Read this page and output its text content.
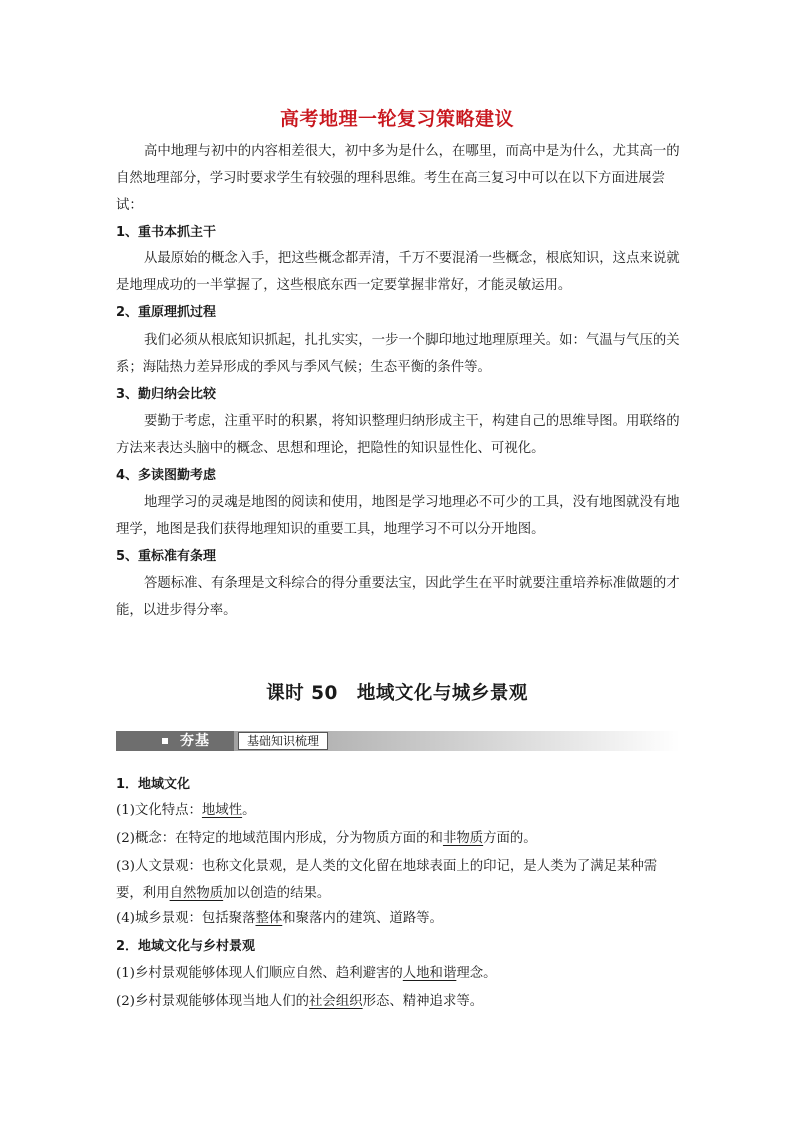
高考地理一轮复习策略建议

高中地理与初中的内容相差很大，初中多为是什么，在哪里，而高中是为什么，尤其高一的自然地理部分，学习时要求学生有较强的理科思维。考生在高三复习中可以在以下方面进展尝试：

1、重书本抓主干

从最原始的概念入手，把这些概念都弄清，千万不要混淆一些概念，根底知识，这点来说就是地理成功的一半掌握了，这些根底东西一定要掌握非常好，才能灵敏运用。

2、重原理抓过程

我们必须从根底知识抓起，扎扎实实，一步一个脚印地过地理原理关。如：气温与气压的关系；海陆热力差异形成的季风与季风气候；生态平衡的条件等。

3、勤归纳会比较

要勤于考虑，注重平时的积累，将知识整理归纳形成主干，构建自己的思维导图。用联络的方法来表达头脑中的概念、思想和理论，把隐性的知识显性化、可视化。

4、多读图勤考虑

地理学习的灵魂是地图的阅读和使用，地图是学习地理必不可少的工具，没有地图就没有地理学，地图是我们获得地理知识的重要工具，地理学习不可以分开地图。

5、重标准有条理

答题标准、有条理是文科综合的得分重要法宝，因此学生在平时就要注重培养标准做题的才能，以进步得分率。

课时 50　地域文化与城乡景观
夯基	基础知识梳理
1．地域文化

(1)文化特点：地域性。

(2)概念：在特定的地域范围内形成，分为物质方面的和非物质方面的。

(3)人文景观：也称文化景观，是人类的文化留在地球表面上的印记，是人类为了满足某种需要，利用自然物质加以创造的结果。

(4)城乡景观：包括聚落整体和聚落内的建筑、道路等。

2．地域文化与乡村景观

(1)乡村景观能够体现人们顺应自然、趋利避害的人地和谐理念。

(2)乡村景观能够体现当地人们的社会组织形态、精神追求等。
